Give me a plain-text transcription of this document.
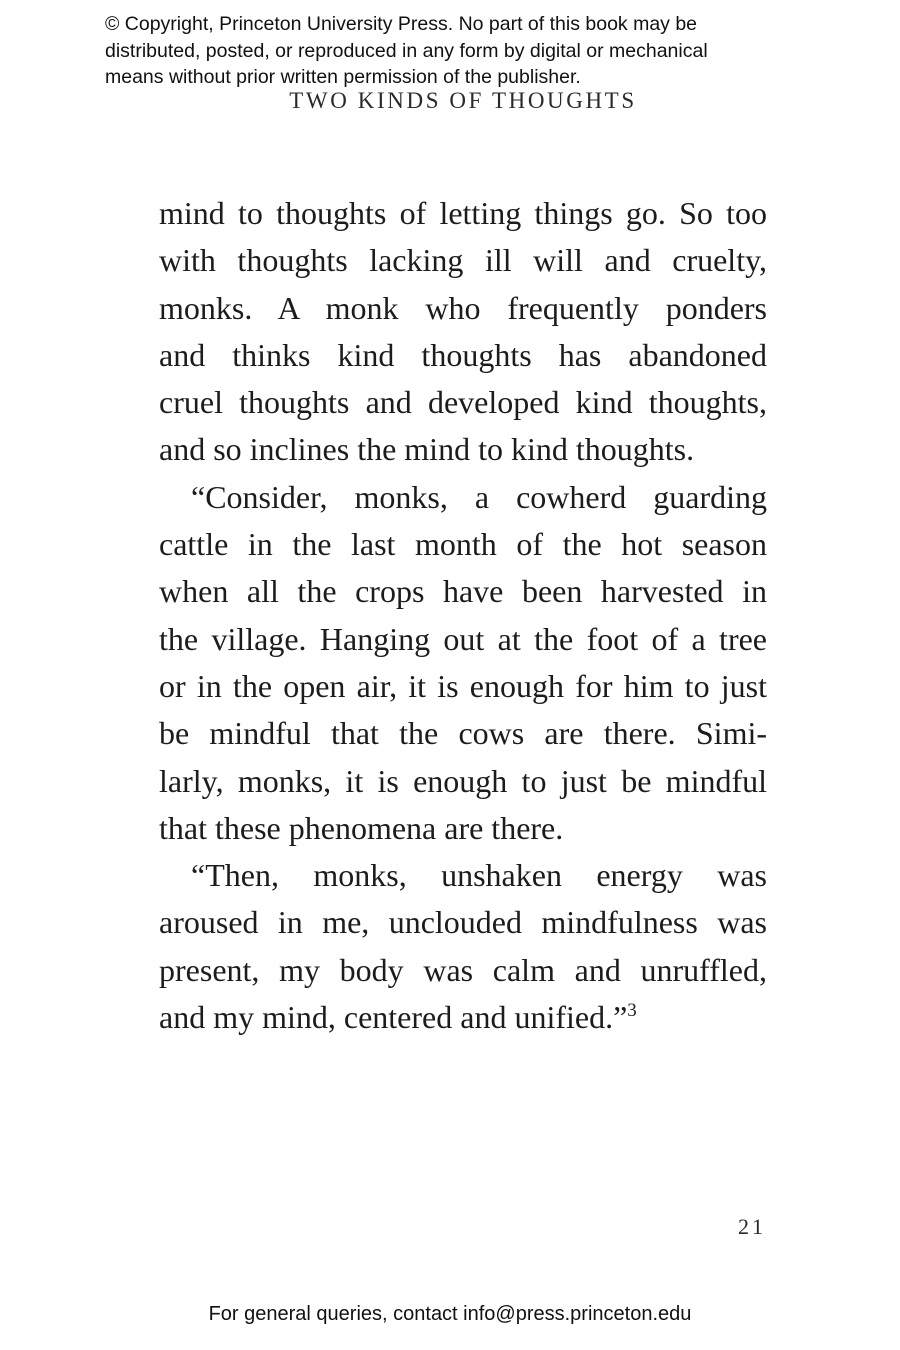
© Copyright, Princeton University Press. No part of this book may be
distributed, posted, or reproduced in any form by digital or mechanical
means without prior written permission of the publisher.
TWO KINDS OF THOUGHTS
mind to thoughts of letting things go. So too
with thoughts lacking ill will and cruelty,
monks. A monk who frequently ponders
and thinks kind thoughts has abandoned
cruel thoughts and developed kind thoughts,
and so inclines the mind to kind thoughts.
“Consider, monks, a cowherd guarding
cattle in the last month of the hot season
when all the crops have been harvested in
the village. Hanging out at the foot of a tree
or in the open air, it is enough for him to just
be mindful that the cows are there. Simi-
larly, monks, it is enough to just be mindful
that these phenomena are there.
“Then, monks, unshaken energy was
aroused in me, unclouded mindfulness was
present, my body was calm and unruffled,
and my mind, centered and unified.”$^3$
21
For general queries, contact info@press.princeton.edu
